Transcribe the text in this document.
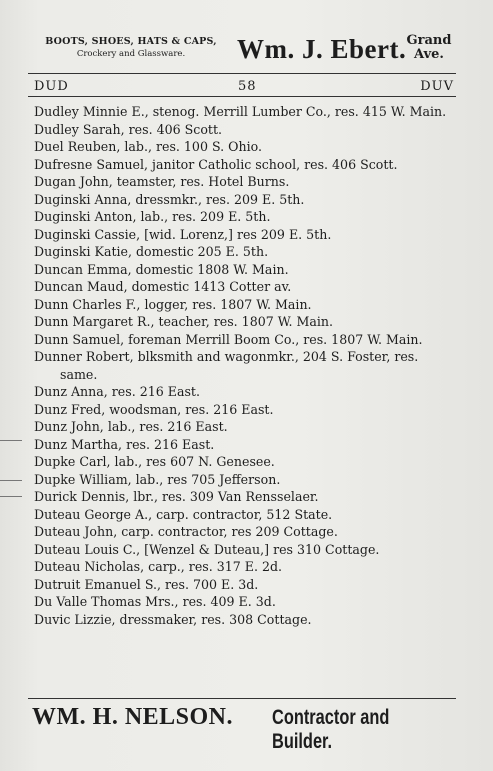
BOOTS, SHOES, HATS & CAPS,
Crockery and Glassware.	Wm. J. Ebert. Grand
Ave.
DUD	58	DUV
Dudley Minnie E., stenog. Merrill Lumber Co., res. 415 W. Main.
Dudley Sarah, res. 406 Scott.
Duel Reuben, lab., res. 100 S. Ohio.
Dufresne Samuel, janitor Catholic school, res. 406 Scott.
Dugan John, teamster, res. Hotel Burns.
Duginski Anna, dressmkr., res. 209 E. 5th.
Duginski Anton, lab., res. 209 E. 5th.
Duginski Cassie, [wid. Lorenz,] res 209 E. 5th.
Duginski Katie, domestic 205 E. 5th.
Duncan Emma, domestic 1808 W. Main.
Duncan Maud, domestic 1413 Cotter av.
Dunn Charles F., logger, res. 1807 W. Main.
Dunn Margaret R., teacher, res. 1807 W. Main.
Dunn Samuel, foreman Merrill Boom Co., res. 1807 W. Main.
Dunner Robert, blksmith and wagonmkr., 204 S. Foster, res. same.
Dunz Anna, res. 216 East.
Dunz Fred, woodsman, res. 216 East.
Dunz John, lab., res. 216 East.
Dunz Martha, res. 216 East.
Dupke Carl, lab., res 607 N. Genesee.
Dupke William, lab., res 705 Jefferson.
Durick Dennis, lbr., res. 309 Van Rensselaer.
Duteau George A., carp. contractor, 512 State.
Duteau John, carp. contractor, res 209 Cottage.
Duteau Louis C., [Wenzel & Duteau,] res 310 Cottage.
Duteau Nicholas, carp., res. 317 E. 2d.
Dutruit Emanuel S., res. 700 E. 3d.
Du Valle Thomas Mrs., res. 409 E. 3d.
Duvic Lizzie, dressmaker, res. 308 Cottage.
WM. H. NELSON. Contractor and Builder.
